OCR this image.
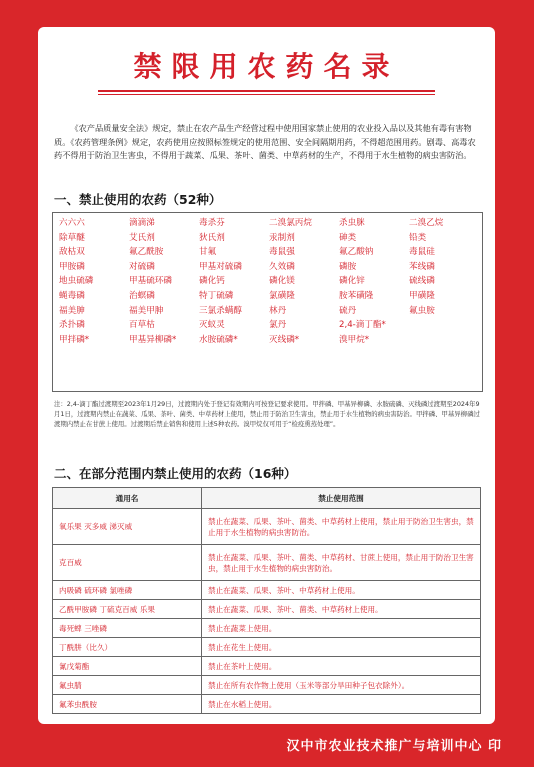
禁限用农药名录
《农产品质量安全法》规定，禁止在农产品生产经营过程中使用国家禁止使用的农业投入品以及其他有毒有害物质。《农药管理条例》规定，农药使用应按照标签规定的使用范围、安全间隔期用药，不得超范围用药。剧毒、高毒农药不得用于防治卫生害虫，不得用于蔬菜、瓜果、茶叶、菌类、中草药材的生产，不得用于水生植物的病虫害防治。
一、禁止使用的农药（52种）
六六六	滴滴涕	毒杀芬	二溴氯丙烷	杀虫脒	二溴乙烷
除草醚	艾氏剂	狄氏剂	汞制剂	砷类	铅类
敌枯双	氟乙酰胺	甘氟	毒鼠强	氟乙酸钠	毒鼠硅
甲胺磷	对硫磷	甲基对硫磷	久效磷	磷胺	苯线磷
地虫硫磷	甲基硫环磷	磷化钙	磷化镁	磷化锌	硫线磷
蝇毒磷	治螟磷	特丁硫磷	氯磺隆	胺苯磺隆	甲磺隆
福美胂	福美甲胂	三氯杀螨醇	林丹	硫丹	氟虫胺
杀扑磷	百草枯	灭蚁灵	氯丹	2,4-滴丁酯*
甲拌磷*	甲基异柳磷*	水胺硫磷*	灭线磷*	溴甲烷*
注：2,4-滴丁酯过渡期至2023年1月29日，过渡期内处于登记有效期内可按登记要求使用。甲拌磷、甲基异柳磷、水胺硫磷、灭线磷过渡期至2024年9月1日，过渡期内禁止在蔬菜、瓜果、茶叶、菌类、中草药材上使用，禁止用于防治卫生害虫，禁止用于水生植物的病虫害防治。甲拌磷、甲基异柳磷过渡期内禁止在甘蔗上使用。过渡期后禁止销售和使用上述5种农药。溴甲烷仅可用于“检疫熏蒸处理”。
二、在部分范围内禁止使用的农药（16种）
通用名	禁止使用范围
氧乐果 灭多威 涕灭威	禁止在蔬菜、瓜果、茶叶、菌类、中草药材上使用，禁止用于防治卫生害虫，禁止用于水生植物的病虫害防治。
克百威	禁止在蔬菜、瓜果、茶叶、菌类、中草药材、甘蔗上使用，禁止用于防治卫生害虫，禁止用于水生植物的病虫害防治。
内吸磷 硫环磷 氯唑磷	禁止在蔬菜、瓜果、茶叶、中草药材上使用。
乙酰甲胺磷 丁硫克百威 乐果	禁止在蔬菜、瓜果、茶叶、菌类、中草药材上使用。
毒死蜱 三唑磷	禁止在蔬菜上使用。
丁酰肼（比久）	禁止在花生上使用。
氰戊菊酯	禁止在茶叶上使用。
氟虫腈	禁止在所有农作物上使用（玉米等部分旱田种子包衣除外）。
氟苯虫酰胺	禁止在水稻上使用。
汉中市农业技术推广与培训中心 印
